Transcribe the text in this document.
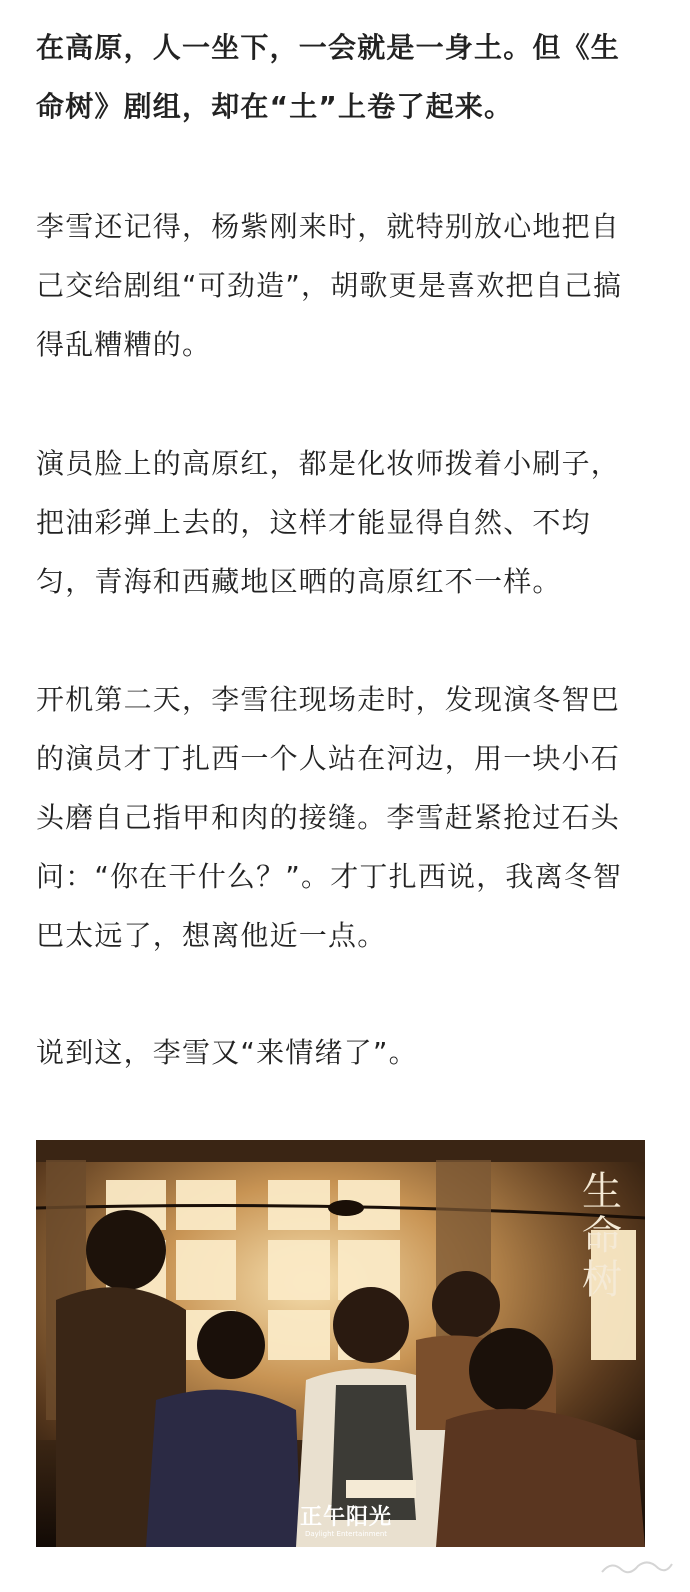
在高原，人一坐下，一会就是一身土。但《生命树》剧组，却在“土”上卷了起来。

李雪还记得，杨紫刚来时，就特别放心地把自己交给剧组“可劲造”，胡歌更是喜欢把自己搞得乱糟糟的。

演员脸上的高原红，都是化妆师拨着小刷子，把油彩弹上去的，这样才能显得自然、不均匀，青海和西藏地区晒的高原红不一样。

开机第二天，李雪往现场走时，发现演冬智巴的演员才丁扎西一个人站在河边，用一块小石头磨自己指甲和肉的接缝。李雪赶紧抢过石头问：“你在干什么？”。才丁扎西说，我离冬智巴太远了，想离他近一点。

说到这，李雪又“来情绪了”。

生命树
正午阳光
Daylight Entertainment
